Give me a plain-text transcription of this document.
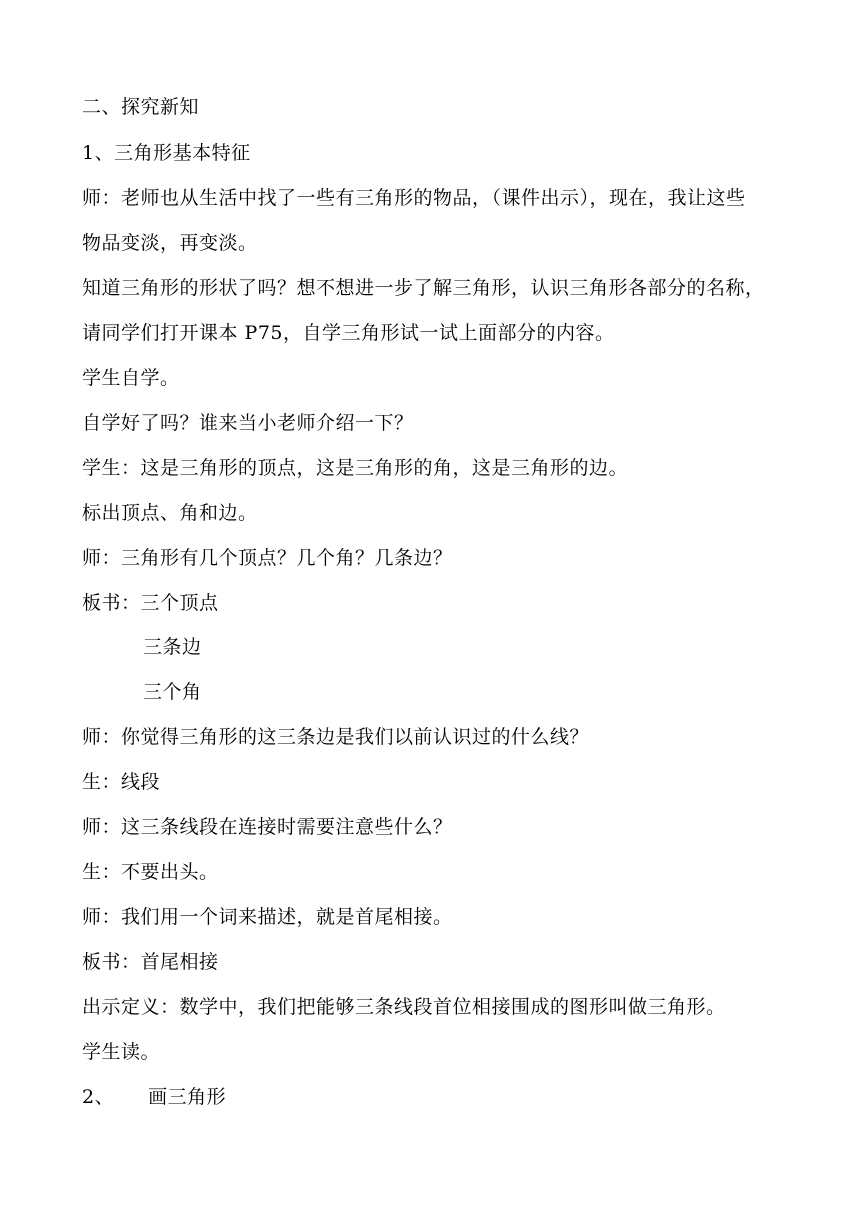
二、探究新知
1、三角形基本特征
师：老师也从生活中找了一些有三角形的物品，（课件出示），现在，我让这些
物品变淡，再变淡。
知道三角形的形状了吗？想不想进一步了解三角形，认识三角形各部分的名称，
请同学们打开课本 P75，自学三角形试一试上面部分的内容。
学生自学。
自学好了吗？谁来当小老师介绍一下？
学生：这是三角形的顶点，这是三角形的角，这是三角形的边。
标出顶点、角和边。
师：三角形有几个顶点？几个角？几条边？
板书：三个顶点
三条边
三个角
师：你觉得三角形的这三条边是我们以前认识过的什么线？
生：线段
师：这三条线段在连接时需要注意些什么？
生：不要出头。
师：我们用一个词来描述，就是首尾相接。
板书：首尾相接
出示定义：数学中，我们把能够三条线段首位相接围成的图形叫做三角形。
学生读。
2、 画三角形
